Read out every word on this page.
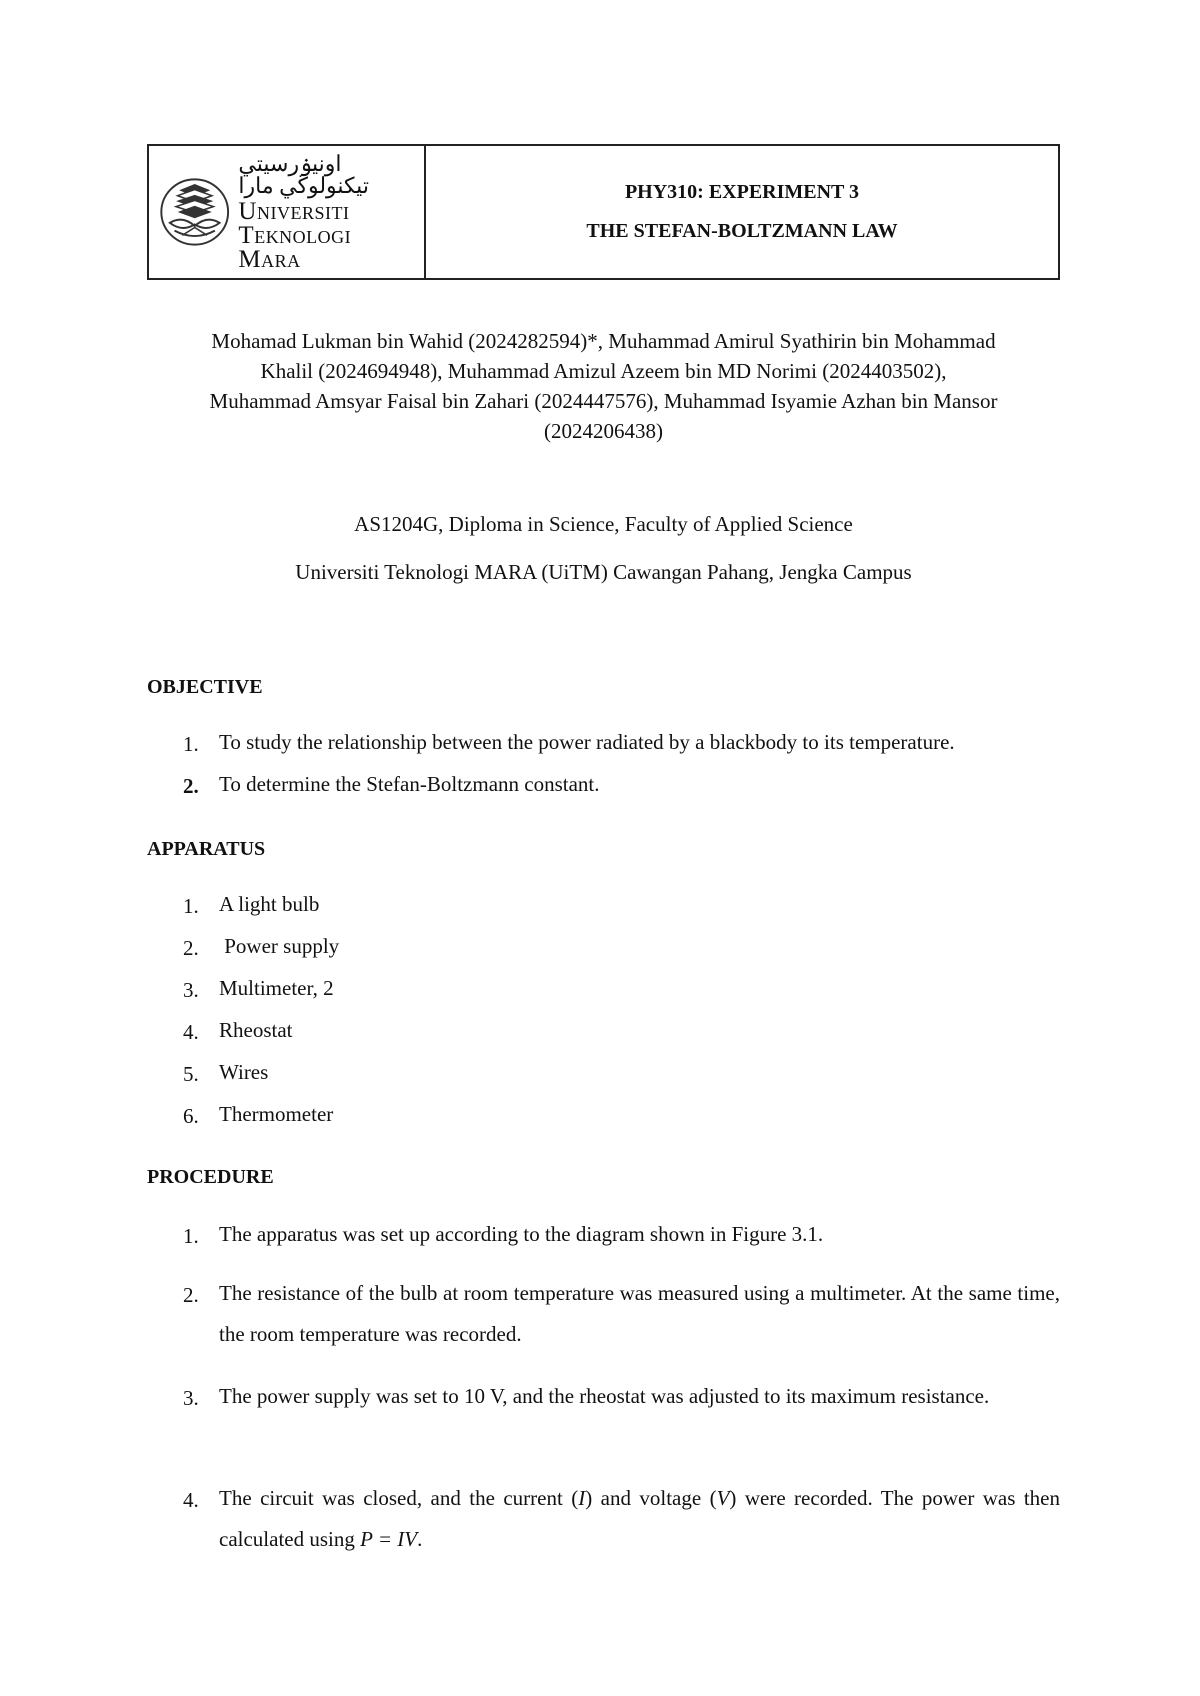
اونيۏرسيتي تيكنولوڬي مارا
Universiti
Teknologi
Mara
PHY310: EXPERIMENT 3
THE STEFAN-BOLTZMANN LAW
Mohamad Lukman bin Wahid (2024282594)*, Muhammad Amirul Syathirin bin Mohammad
Khalil (2024694948), Muhammad Amizul Azeem bin MD Norimi (2024403502),
Muhammad Amsyar Faisal bin Zahari (2024447576), Muhammad Isyamie Azhan bin Mansor
(2024206438)
AS1204G, Diploma in Science, Faculty of Applied Science
Universiti Teknologi MARA (UiTM) Cawangan Pahang, Jengka Campus
OBJECTIVE
1. To study the relationship between the power radiated by a blackbody to its temperature.
2. To determine the Stefan-Boltzmann constant.
APPARATUS
1. A light bulb
2. Power supply
3. Multimeter, 2
4. Rheostat
5. Wires
6. Thermometer
PROCEDURE
1. The apparatus was set up according to the diagram shown in Figure 3.1.
2. The resistance of the bulb at room temperature was measured using a multimeter. At the same time, the room temperature was recorded.
3. The power supply was set to 10 V, and the rheostat was adjusted to its maximum resistance.
4. The circuit was closed, and the current (I) and voltage (V) were recorded. The power was then calculated using P = IV.
